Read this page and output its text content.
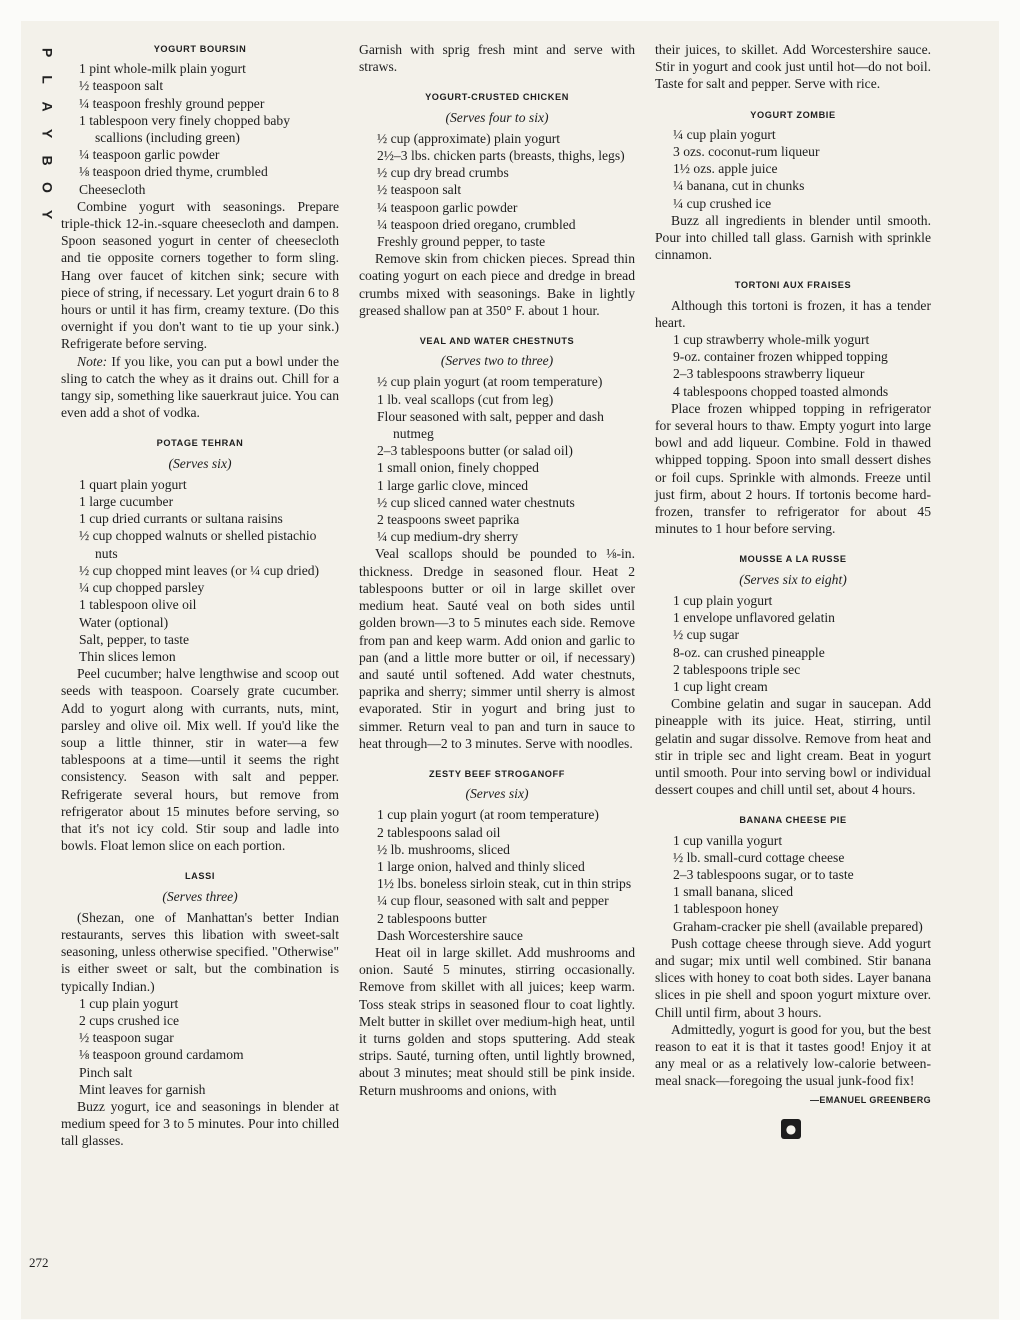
P
L
A
Y
B
O
Y
272
YOGURT BOURSIN
1 pint whole-milk plain yogurt
½ teaspoon salt
¼ teaspoon freshly ground pepper
1 tablespoon very finely chopped baby scallions (including green)
¼ teaspoon garlic powder
⅛ teaspoon dried thyme, crumbled
Cheesecloth
Combine yogurt with seasonings. Prepare triple-thick 12-in.-square cheesecloth and dampen. Spoon seasoned yogurt in center of cheesecloth and tie opposite corners together to form sling. Hang over faucet of kitchen sink; secure with piece of string, if necessary. Let yogurt drain 6 to 8 hours or until it has firm, creamy texture. (Do this overnight if you don't want to tie up your sink.) Refrigerate before serving.
Note: If you like, you can put a bowl under the sling to catch the whey as it drains out. Chill for a tangy sip, something like sauerkraut juice. You can even add a shot of vodka.
POTAGE TEHRAN
(Serves six)
1 quart plain yogurt
1 large cucumber
1 cup dried currants or sultana raisins
½ cup chopped walnuts or shelled pistachio nuts
½ cup chopped mint leaves (or ¼ cup dried)
¼ cup chopped parsley
1 tablespoon olive oil
Water (optional)
Salt, pepper, to taste
Thin slices lemon
Peel cucumber; halve lengthwise and scoop out seeds with teaspoon. Coarsely grate cucumber. Add to yogurt along with currants, nuts, mint, parsley and olive oil. Mix well. If you'd like the soup a little thinner, stir in water—a few tablespoons at a time—until it seems the right consistency. Season with salt and pepper. Refrigerate several hours, but remove from refrigerator about 15 minutes before serving, so that it's not icy cold. Stir soup and ladle into bowls. Float lemon slice on each portion.
LASSI
(Serves three)
(Shezan, one of Manhattan's better Indian restaurants, serves this libation with sweet-salt seasoning, unless otherwise specified. "Otherwise" is either sweet or salt, but the combination is typically Indian.)
1 cup plain yogurt
2 cups crushed ice
½ teaspoon sugar
⅛ teaspoon ground cardamom
Pinch salt
Mint leaves for garnish
Buzz yogurt, ice and seasonings in blender at medium speed for 3 to 5 minutes. Pour into chilled tall glasses.
Garnish with sprig fresh mint and serve with straws.
YOGURT-CRUSTED CHICKEN
(Serves four to six)
½ cup (approximate) plain yogurt
2½–3 lbs. chicken parts (breasts, thighs, legs)
½ cup dry bread crumbs
½ teaspoon salt
¼ teaspoon garlic powder
¼ teaspoon dried oregano, crumbled
Freshly ground pepper, to taste
Remove skin from chicken pieces. Spread thin coating yogurt on each piece and dredge in bread crumbs mixed with seasonings. Bake in lightly greased shallow pan at 350° F. about 1 hour.
VEAL AND WATER CHESTNUTS
(Serves two to three)
½ cup plain yogurt (at room temperature)
1 lb. veal scallops (cut from leg)
Flour seasoned with salt, pepper and dash nutmeg
2–3 tablespoons butter (or salad oil)
1 small onion, finely chopped
1 large garlic clove, minced
½ cup sliced canned water chestnuts
2 teaspoons sweet paprika
¼ cup medium-dry sherry
Veal scallops should be pounded to ⅛-in. thickness. Dredge in seasoned flour. Heat 2 tablespoons butter or oil in large skillet over medium heat. Sauté veal on both sides until golden brown—3 to 5 minutes each side. Remove from pan and keep warm. Add onion and garlic to pan (and a little more butter or oil, if necessary) and sauté until softened. Add water chestnuts, paprika and sherry; simmer until sherry is almost evaporated. Stir in yogurt and bring just to simmer. Return veal to pan and turn in sauce to heat through—2 to 3 minutes. Serve with noodles.
ZESTY BEEF STROGANOFF
(Serves six)
1 cup plain yogurt (at room temperature)
2 tablespoons salad oil
½ lb. mushrooms, sliced
1 large onion, halved and thinly sliced
1½ lbs. boneless sirloin steak, cut in thin strips
¼ cup flour, seasoned with salt and pepper
2 tablespoons butter
Dash Worcestershire sauce
Heat oil in large skillet. Add mushrooms and onion. Sauté 5 minutes, stirring occasionally. Remove from skillet with all juices; keep warm. Toss steak strips in seasoned flour to coat lightly. Melt butter in skillet over medium-high heat, until it turns golden and stops sputtering. Add steak strips. Sauté, turning often, until lightly browned, about 3 minutes; meat should still be pink inside. Return mushrooms and onions, with
their juices, to skillet. Add Worcestershire sauce. Stir in yogurt and cook just until hot—do not boil. Taste for salt and pepper. Serve with rice.
YOGURT ZOMBIE
¼ cup plain yogurt
3 ozs. coconut-rum liqueur
1½ ozs. apple juice
¼ banana, cut in chunks
¼ cup crushed ice
Buzz all ingredients in blender until smooth. Pour into chilled tall glass. Garnish with sprinkle cinnamon.
TORTONI AUX FRAISES
Although this tortoni is frozen, it has a tender heart.
1 cup strawberry whole-milk yogurt
9-oz. container frozen whipped topping
2–3 tablespoons strawberry liqueur
4 tablespoons chopped toasted almonds
Place frozen whipped topping in refrigerator for several hours to thaw. Empty yogurt into large bowl and add liqueur. Combine. Fold in thawed whipped topping. Spoon into small dessert dishes or foil cups. Sprinkle with almonds. Freeze until just firm, about 2 hours. If tortonis become hard-frozen, transfer to refrigerator for about 45 minutes to 1 hour before serving.
MOUSSE A LA RUSSE
(Serves six to eight)
1 cup plain yogurt
1 envelope unflavored gelatin
½ cup sugar
8-oz. can crushed pineapple
2 tablespoons triple sec
1 cup light cream
Combine gelatin and sugar in saucepan. Add pineapple with its juice. Heat, stirring, until gelatin and sugar dissolve. Remove from heat and stir in triple sec and light cream. Beat in yogurt until smooth. Pour into serving bowl or individual dessert coupes and chill until set, about 4 hours.
BANANA CHEESE PIE
1 cup vanilla yogurt
½ lb. small-curd cottage cheese
2–3 tablespoons sugar, or to taste
1 small banana, sliced
1 tablespoon honey
Graham-cracker pie shell (available prepared)
Push cottage cheese through sieve. Add yogurt and sugar; mix until well combined. Stir banana slices with honey to coat both sides. Layer banana slices in pie shell and spoon yogurt mixture over. Chill until firm, about 3 hours.
Admittedly, yogurt is good for you, but the best reason to eat it is that it tastes good! Enjoy it at any meal or as a relatively low-calorie between-meal snack—foregoing the usual junk-food fix!
—EMANUEL GREENBERG
●
